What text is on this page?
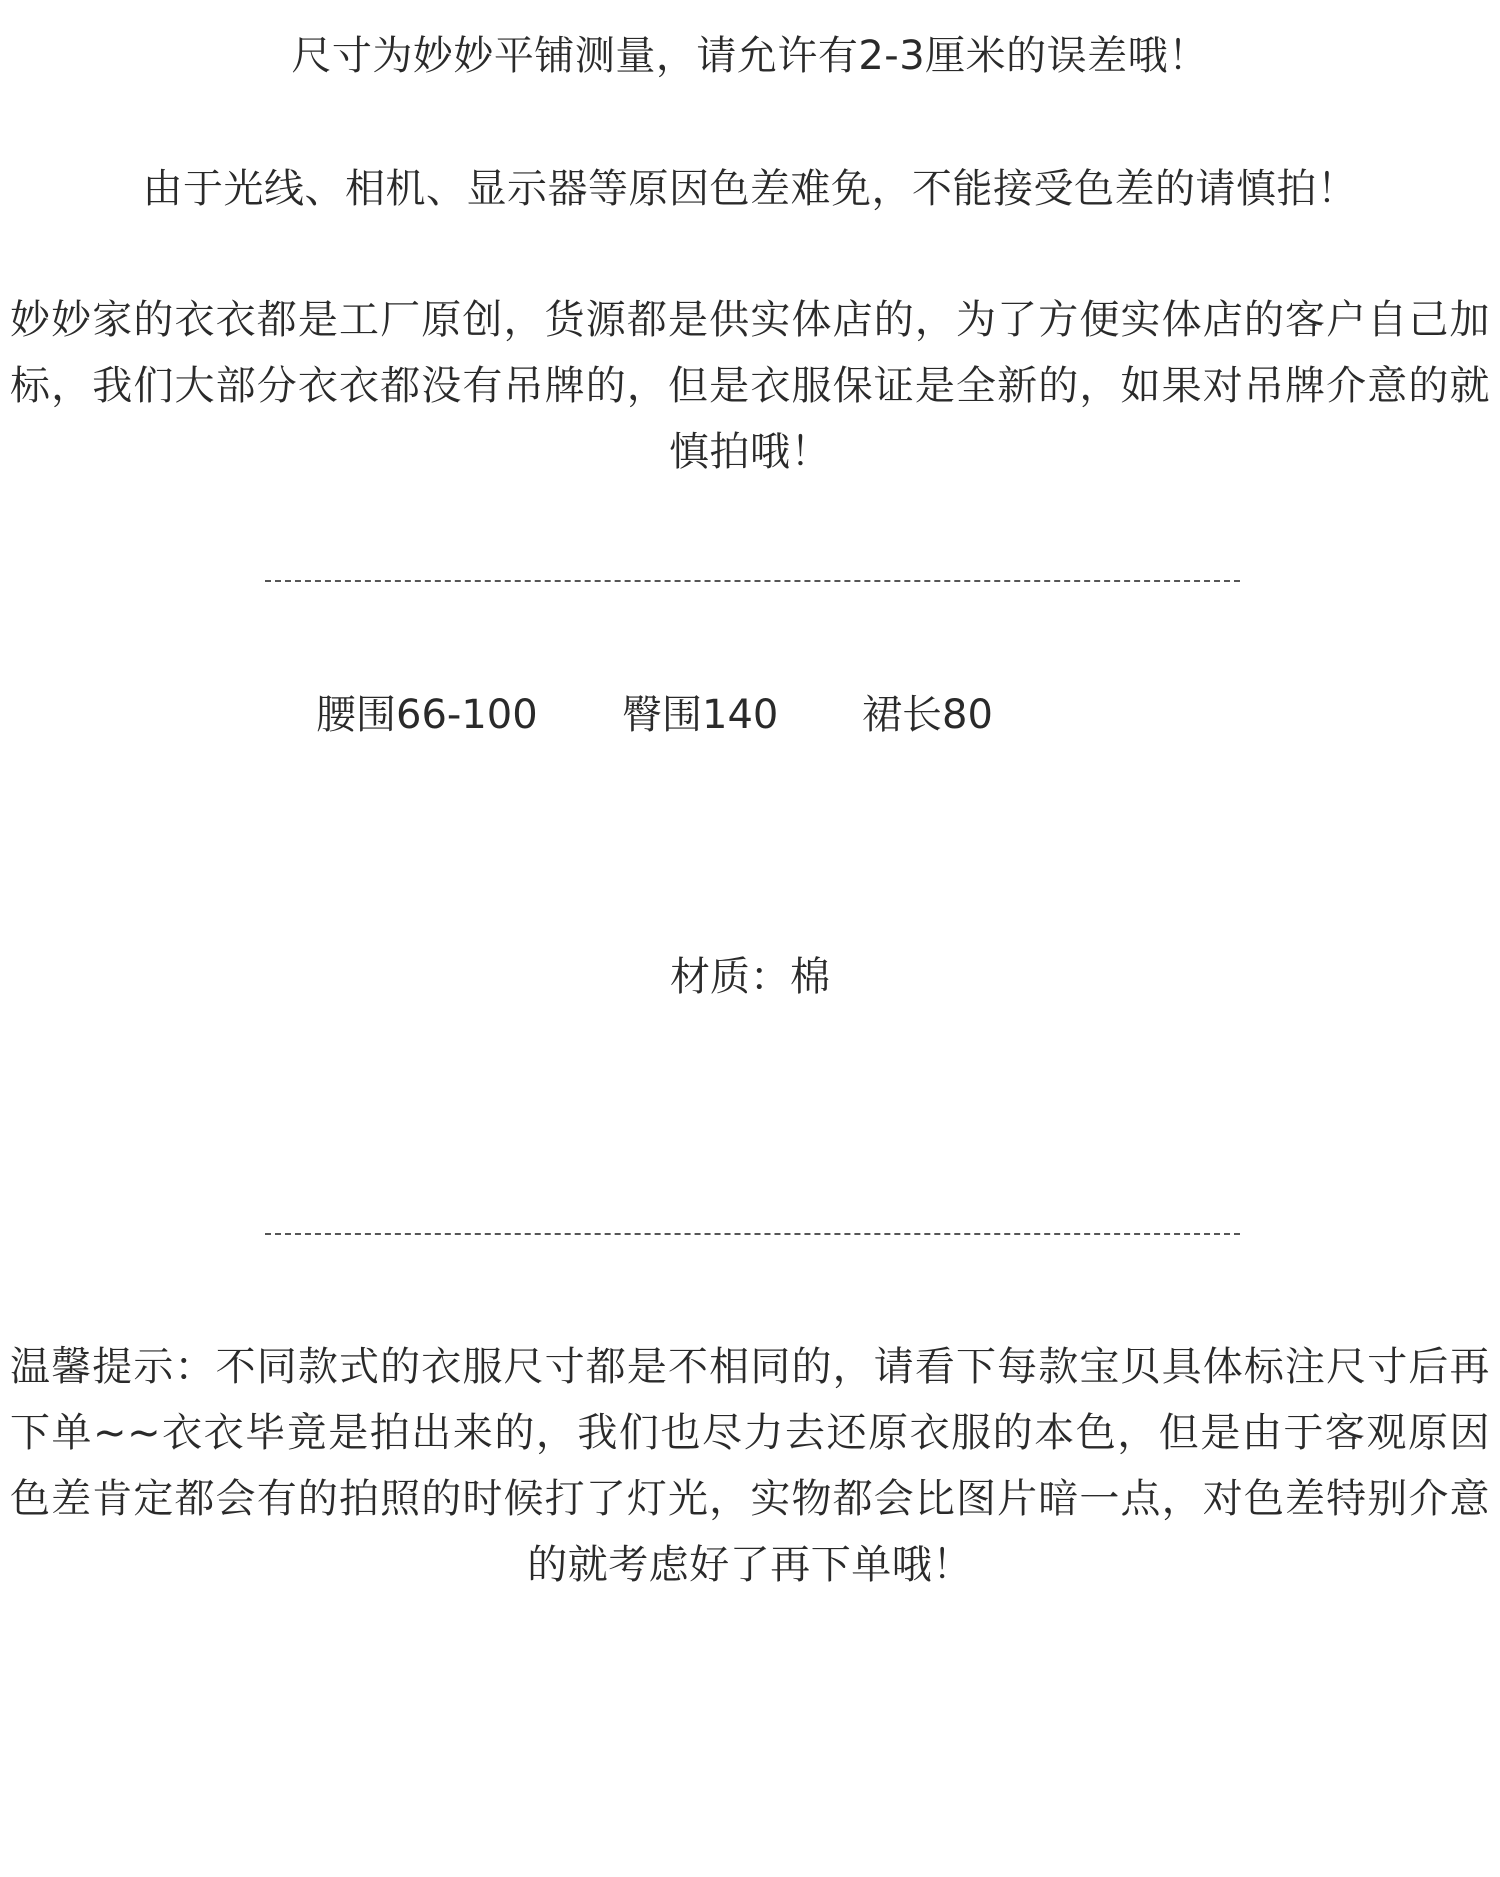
尺寸为妙妙平铺测量，请允许有2-3厘米的误差哦！
由于光线、相机、显示器等原因色差难免，不能接受色差的请慎拍！
妙妙家的衣衣都是工厂原创，货源都是供实体店的，为了方便实体店的客户自己加标，我们大部分衣衣都没有吊牌的，但是衣服保证是全新的，如果对吊牌介意的就慎拍哦！
腰围66-100 臀围140 裙长80
材质：棉
温馨提示：不同款式的衣服尺寸都是不相同的，请看下每款宝贝具体标注尺寸后再下单~~衣衣毕竟是拍出来的，我们也尽力去还原衣服的本色，但是由于客观原因色差肯定都会有的拍照的时候打了灯光，实物都会比图片暗一点，对色差特别介意的就考虑好了再下单哦！
